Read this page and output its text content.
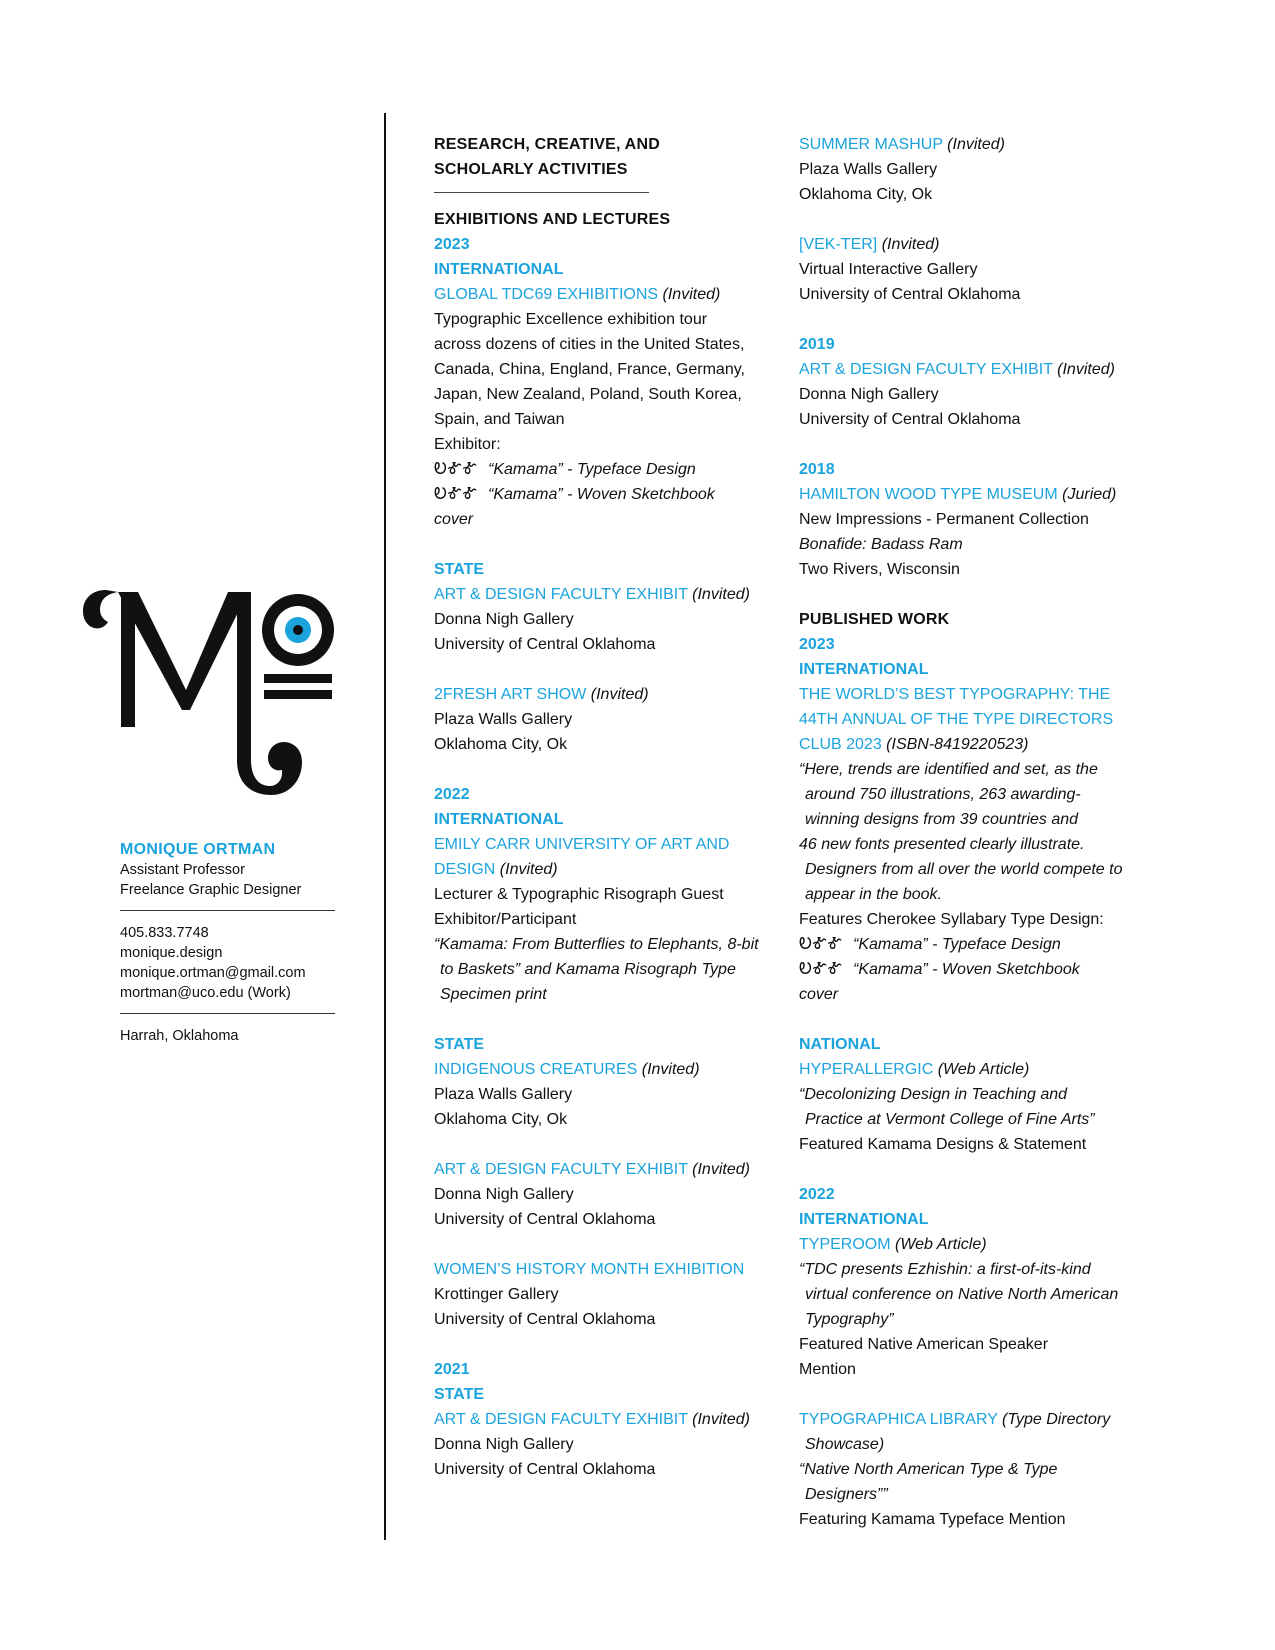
MONIQUE ORTMAN
Assistant Professor
Freelance Graphic Designer
405.833.7748
monique.design
monique.ortman@gmail.com
mortman@uco.edu (Work)
Harrah, Oklahoma

RESEARCH, CREATIVE, AND

SCHOLARLY ACTIVITIES

EXHIBITIONS AND LECTURES

2023

INTERNATIONAL

GLOBAL TDC69 EXHIBITIONS (Invited)

Typographic Excellence exhibition tour

across dozens of cities in the United States,

Canada, China, England, France, Germany,

Japan, New Zealand, Poland, South Korea,

Spain, and Taiwan

Exhibitor:

ᎧᎹᎹ “Kamama” - Typeface Design

ᎧᎹᎹ “Kamama” - Woven Sketchbook

cover

STATE

ART & DESIGN FACULTY EXHIBIT (Invited)

Donna Nigh Gallery

University of Central Oklahoma

2FRESH ART SHOW (Invited)

Plaza Walls Gallery

Oklahoma City, Ok

2022

INTERNATIONAL

EMILY CARR UNIVERSITY OF ART AND

DESIGN (Invited)

Lecturer & Typographic Risograph Guest

Exhibitor/Participant

“Kamama: From Butterflies to Elephants, 8-bit

to Baskets” and Kamama Risograph Type

Specimen print

STATE

INDIGENOUS CREATURES (Invited)

Plaza Walls Gallery

Oklahoma City, Ok

ART & DESIGN FACULTY EXHIBIT (Invited)

Donna Nigh Gallery

University of Central Oklahoma

WOMEN’S HISTORY MONTH EXHIBITION

Krottinger Gallery

University of Central Oklahoma

2021

STATE

ART & DESIGN FACULTY EXHIBIT (Invited)

Donna Nigh Gallery

University of Central Oklahoma

SUMMER MASHUP (Invited)

Plaza Walls Gallery

Oklahoma City, Ok

[VEK-TER] (Invited)

Virtual Interactive Gallery

University of Central Oklahoma

2019

ART & DESIGN FACULTY EXHIBIT (Invited)

Donna Nigh Gallery

University of Central Oklahoma

2018

HAMILTON WOOD TYPE MUSEUM (Juried)

New Impressions - Permanent Collection

Bonafide: Badass Ram

Two Rivers, Wisconsin

PUBLISHED WORK

2023

INTERNATIONAL

THE WORLD’S BEST TYPOGRAPHY: THE

44TH ANNUAL OF THE TYPE DIRECTORS

CLUB 2023 (ISBN-8419220523)

“Here, trends are identified and set, as the

around 750 illustrations, 263 awarding-

winning designs from 39 countries and

46 new fonts presented clearly illustrate.

Designers from all over the world compete to

appear in the book.

Features Cherokee Syllabary Type Design:

ᎧᎹᎹ “Kamama” - Typeface Design

ᎧᎹᎹ “Kamama” - Woven Sketchbook

cover

NATIONAL

HYPERALLERGIC (Web Article)

“Decolonizing Design in Teaching and

Practice at Vermont College of Fine Arts”

Featured Kamama Designs & Statement

2022

INTERNATIONAL

TYPEROOM (Web Article)

“TDC presents Ezhishin: a first-of-its-kind

virtual conference on Native North American

Typography”

Featured Native American Speaker

Mention

TYPOGRAPHICA LIBRARY (Type Directory

Showcase)

“Native North American Type & Type

Designers””

Featuring Kamama Typeface Mention
